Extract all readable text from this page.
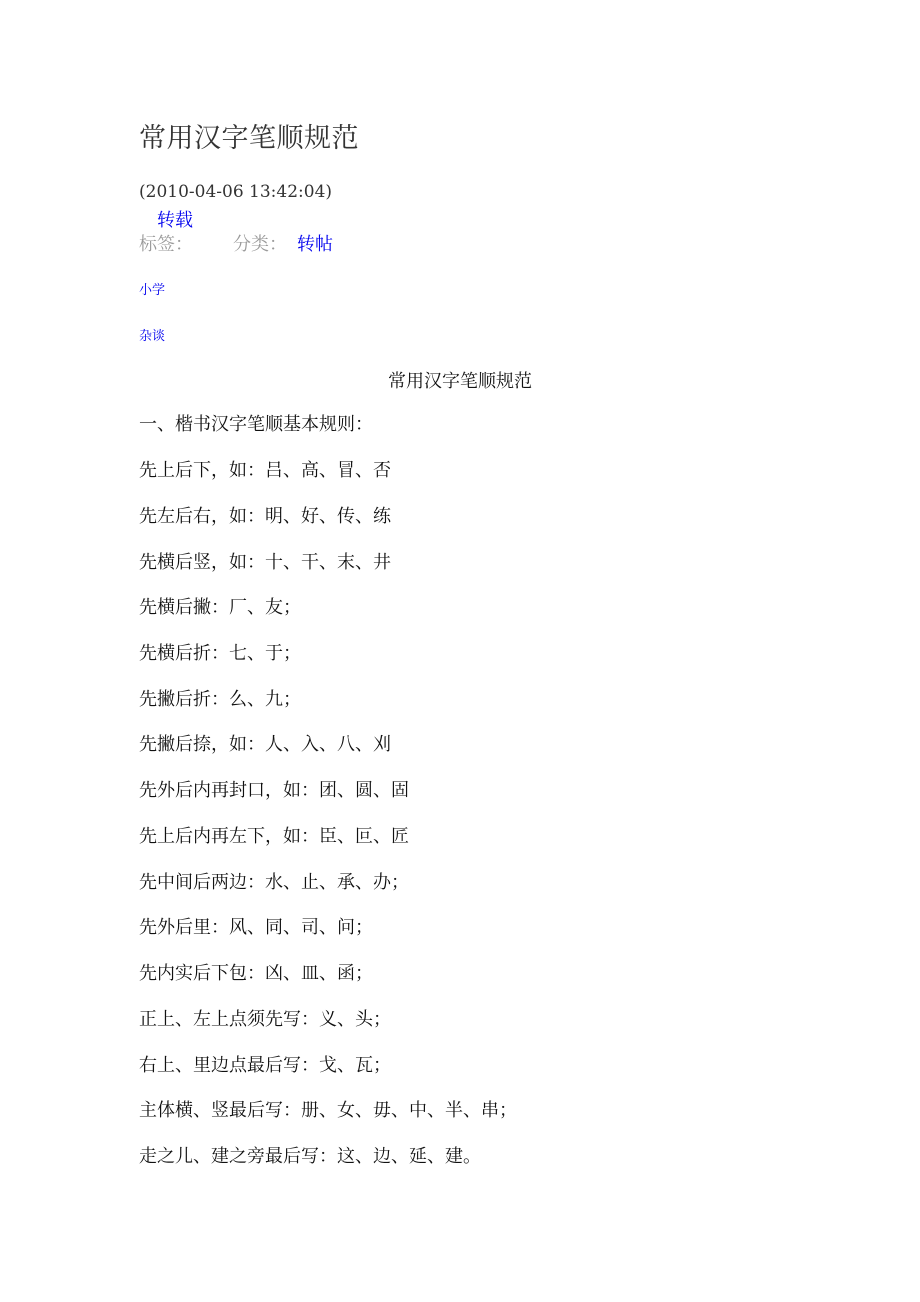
常用汉字笔顺规范
(2010-04-06 13:42:04)
转载
标签： 分类： 转帖
小学
杂谈
常用汉字笔顺规范
一、楷书汉字笔顺基本规则：
先上后下，如：吕、高、冒、否
先左后右，如：明、好、传、练
先横后竖，如：十、干、末、井
先横后撇：厂、友；
先横后折：七、于；
先撇后折：么、九；
先撇后捺，如：人、入、八、刈
先外后内再封口，如：团、圆、固
先上后内再左下，如：臣、叵、匠
先中间后两边：水、止、承、办；
先外后里：风、同、司、问；
先内实后下包：凶、皿、函；
正上、左上点须先写：义、头；
右上、里边点最后写：戈、瓦；
主体横、竖最后写：册、女、毋、中、半、串；
走之儿、建之旁最后写：这、边、延、建。
